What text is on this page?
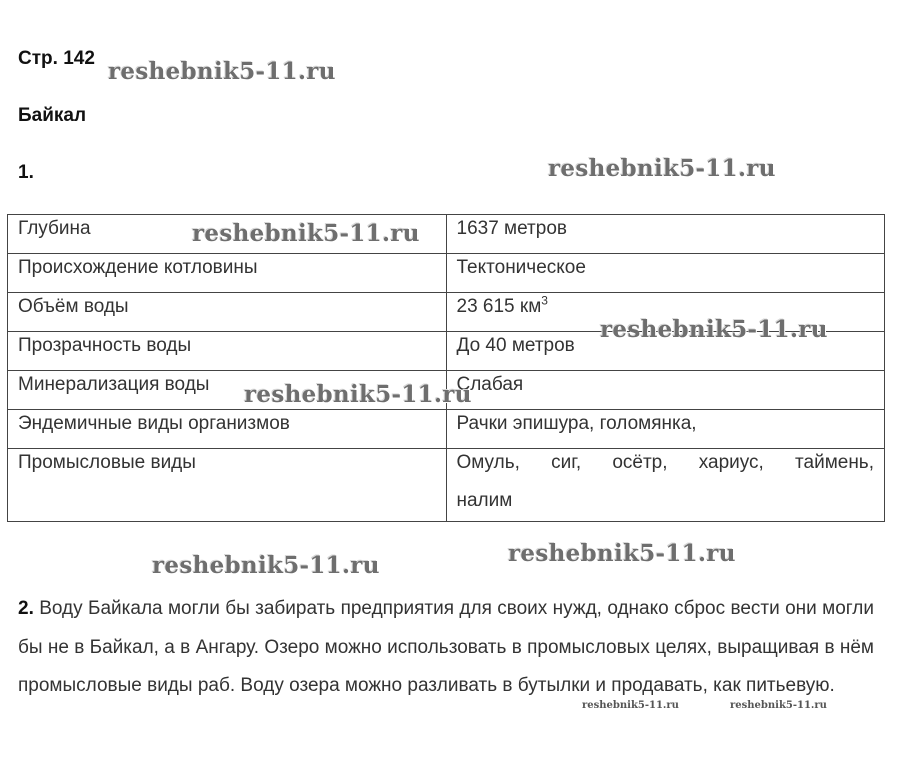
Стр. 142
Байкал
1.
Глубина	1637 метров
Происхождение котловины	Тектоническое
Объём воды	23 615 $км^3$
Прозрачность воды	До 40 метров
Минерализация воды	Слабая
Эндемичные виды организмов	Рачки эпишура, голомянка,
Промысловые виды	Омуль, сиг, осётр, хариус, таймень,
налим
2. Воду Байкала могли бы забирать предприятия для своих нужд, однако сброс вести они могли бы не в Байкал, а в Ангару. Озеро можно использовать в промысловых целях, выращивая в нём промысловые виды раб. Воду озера можно разливать в бутылки и продавать, как питьевую.
reshebnik5-11.ru
reshebnik5-11.ru
reshebnik5-11.ru
reshebnik5-11.ru
reshebnik5-11.ru
reshebnik5-11.ru	reshebnik5-11.ru
reshebnik5-11.ru	reshebnik5-11.ru
